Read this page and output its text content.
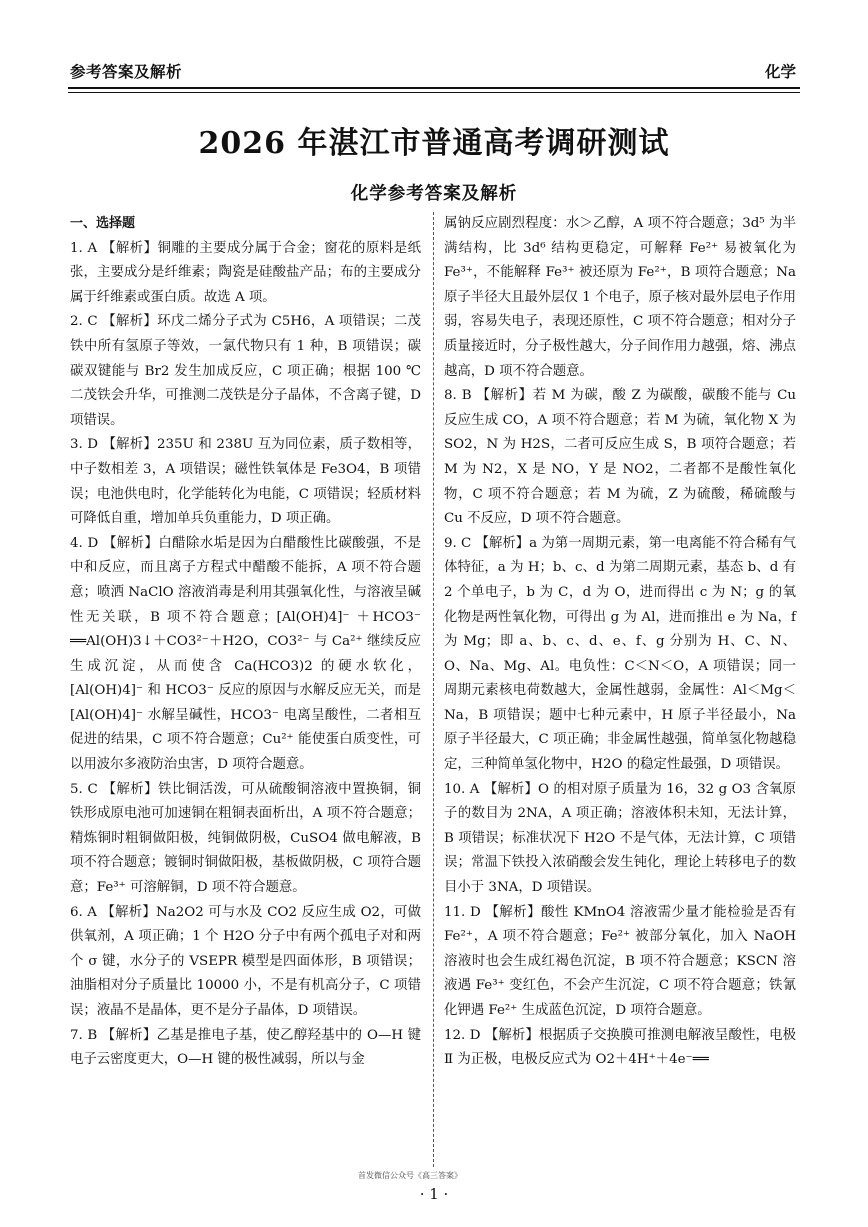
参考答案及解析	化学
2026 年湛江市普通高考调研测试
化学参考答案及解析
一、选择题

1. A 【解析】铜雕的主要成分属于合金；窗花的原料是纸张，主要成分是纤维素；陶瓷是硅酸盐产品；布的主要成分属于纤维素或蛋白质。故选 A 项。

2. C 【解析】环戊二烯分子式为 C5H6，A 项错误；二茂铁中所有氢原子等效，一氯代物只有 1 种，B 项错误；碳碳双键能与 Br2 发生加成反应，C 项正确；根据 100 ℃二茂铁会升华，可推测二茂铁是分子晶体，不含离子键，D 项错误。

3. D 【解析】235U 和 238U 互为同位素，质子数相等，中子数相差 3，A 项错误；磁性铁氧体是 Fe3O4，B 项错误；电池供电时，化学能转化为电能，C 项错误；轻质材料可降低自重，增加单兵负重能力，D 项正确。

4. D 【解析】白醋除水垢是因为白醋酸性比碳酸强，不是中和反应，而且离子方程式中醋酸不能拆，A 项不符合题意；喷洒 NaClO 溶液消毒是利用其强氧化性，与溶液呈碱性无关联，B 项不符合题意；[Al(OH)4]⁻ ＋HCO3⁻ ══Al(OH)3↓＋CO3²⁻＋H2O，CO3²⁻ 与 Ca²⁺ 继续反应生成沉淀，从而使含 Ca(HCO3)2 的硬水软化，[Al(OH)4]⁻ 和 HCO3⁻ 反应的原因与水解反应无关，而是[Al(OH)4]⁻ 水解呈碱性，HCO3⁻ 电离呈酸性，二者相互促进的结果，C 项不符合题意；Cu²⁺ 能使蛋白质变性，可以用波尔多液防治虫害，D 项符合题意。

5. C 【解析】铁比铜活泼，可从硫酸铜溶液中置换铜，铜铁形成原电池可加速铜在粗铜表面析出，A 项不符合题意；精炼铜时粗铜做阳极，纯铜做阴极，CuSO4 做电解液，B 项不符合题意；镀铜时铜做阳极，基板做阴极，C 项符合题意；Fe³⁺ 可溶解铜，D 项不符合题意。

6. A 【解析】Na2O2 可与水及 CO2 反应生成 O2，可做供氧剂，A 项正确；1 个 H2O 分子中有两个孤电子对和两个 σ 键，水分子的 VSEPR 模型是四面体形，B 项错误；油脂相对分子质量比 10000 小，不是有机高分子，C 项错误；液晶不是晶体，更不是分子晶体，D 项错误。

7. B 【解析】乙基是推电子基，使乙醇羟基中的 O—H 键电子云密度更大，O—H 键的极性减弱，所以与金

属钠反应剧烈程度：水＞乙醇，A 项不符合题意；3d⁵ 为半满结构，比 3d⁶ 结构更稳定，可解释 Fe²⁺ 易被氧化为 Fe³⁺，不能解释 Fe³⁺ 被还原为 Fe²⁺，B 项符合题意；Na 原子半径大且最外层仅 1 个电子，原子核对最外层电子作用弱，容易失电子，表现还原性，C 项不符合题意；相对分子质量接近时，分子极性越大，分子间作用力越强，熔、沸点越高，D 项不符合题意。

8. B 【解析】若 M 为碳，酸 Z 为碳酸，碳酸不能与 Cu 反应生成 CO，A 项不符合题意；若 M 为硫，氧化物 X 为 SO2，N 为 H2S，二者可反应生成 S，B 项符合题意；若 M 为 N2，X 是 NO，Y 是 NO2，二者都不是酸性氧化物，C 项不符合题意；若 M 为硫，Z 为硫酸，稀硫酸与 Cu 不反应，D 项不符合题意。

9. C 【解析】a 为第一周期元素，第一电离能不符合稀有气体特征，a 为 H；b、c、d 为第二周期元素，基态 b、d 有 2 个单电子，b 为 C，d 为 O，进而得出 c 为 N；g 的氧化物是两性氧化物，可得出 g 为 Al，进而推出 e 为 Na，f 为 Mg；即 a、b、c、d、e、f、g 分别为 H、C、N、O、Na、Mg、Al。电负性：C＜N＜O，A 项错误；同一周期元素核电荷数越大，金属性越弱，金属性：Al＜Mg＜Na，B 项错误；题中七种元素中，H 原子半径最小，Na 原子半径最大，C 项正确；非金属性越强，简单氢化物越稳定，三种简单氢化物中，H2O 的稳定性最强，D 项错误。

10. A 【解析】O 的相对原子质量为 16，32 g O3 含氧原子的数目为 2NA，A 项正确；溶液体积未知，无法计算，B 项错误；标准状况下 H2O 不是气体，无法计算，C 项错误；常温下铁投入浓硝酸会发生钝化，理论上转移电子的数目小于 3NA，D 项错误。

11. D 【解析】酸性 KMnO4 溶液需少量才能检验是否有 Fe²⁺，A 项不符合题意；Fe²⁺ 被部分氧化，加入 NaOH 溶液时也会生成红褐色沉淀，B 项不符合题意；KSCN 溶液遇 Fe³⁺ 变红色，不会产生沉淀，C 项不符合题意；铁氰化钾遇 Fe²⁺ 生成蓝色沉淀，D 项符合题意。

12. D 【解析】根据质子交换膜可推测电解液呈酸性，电极 Ⅱ 为正极，电极反应式为 O2＋4H⁺＋4e⁻══

首发微信公众号《高三答案》
· 1 ·
